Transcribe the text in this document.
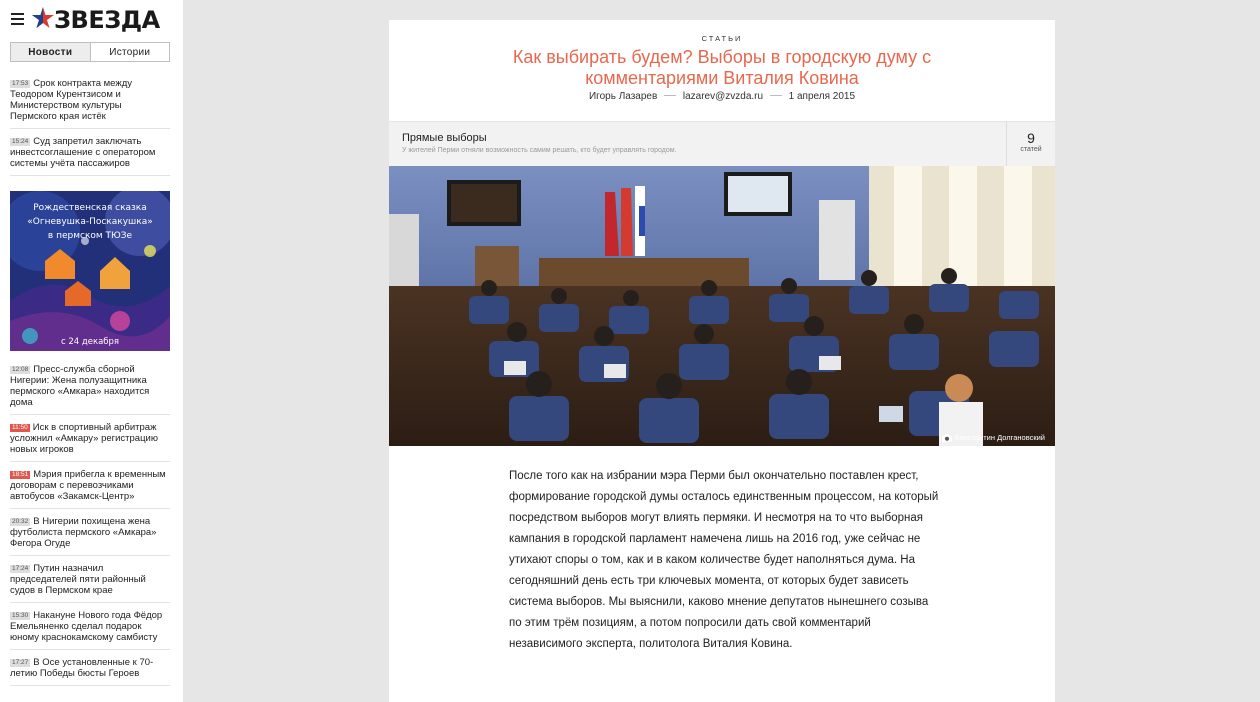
ЗВЕЗДА
Новости	Истории
17:53 Срок контракта между Теодором Курентзисом и Министерством культуры Пермского края истёк
15:24 Суд запретил заключать инвестсоглашение с оператором системы учёта пассажиров
Рождественская сказка
«Огневушка-Поскакушка»
в пермском ТЮЗе
с 24 декабря
12:08 Пресс-служба сборной Нигерии: Жена полузащитника пермского «Амкара» находится дома
11:50 Иск в спортивный арбитраж усложнил «Амкару» регистрацию новых игроков
18:51 Мэрия прибегла к временным договорам с перевозчиками автобусов «Закамск-Центр»
20:32 В Нигерии похищена жена футболиста пермского «Амкара» Фегора Огуде
17:24 Путин назначил председателей пяти районный судов в Пермском крае
15:30 Накануне Нового года Фёдор Емельяненко сделал подарок юному краснокамскому самбисту
17:27 В Осе установленные к 70-летию Победы бюсты Героев
СТАТЬИ
Как выбирать будем? Выборы в городскую думу с комментариями Виталия Ковина
Игорь Лазарев	lazarev@zvzda.ru	1 апреля 2015
Прямые выборы
У жителей Перми отняли возможность самим решать, кто будет управлять городом.
9
статей
Константин Долгановский

После того как на избрании мэра Перми был окончательно поставлен крест, формирование городской думы осталось единственным процессом, на который посредством выборов могут влиять пермяки. И несмотря на то что выборная кампания в городской парламент намечена лишь на 2016 год, уже сейчас не утихают споры о том, как и в каком количестве будет наполняться дума. На сегодняшний день есть три ключевых момента, от которых будет зависеть система выборов. Мы выяснили, каково мнение депутатов нынешнего созыва по этим трём позициям, а потом попросили дать свой комментарий независимого эксперта, политолога Виталия Ковина.
